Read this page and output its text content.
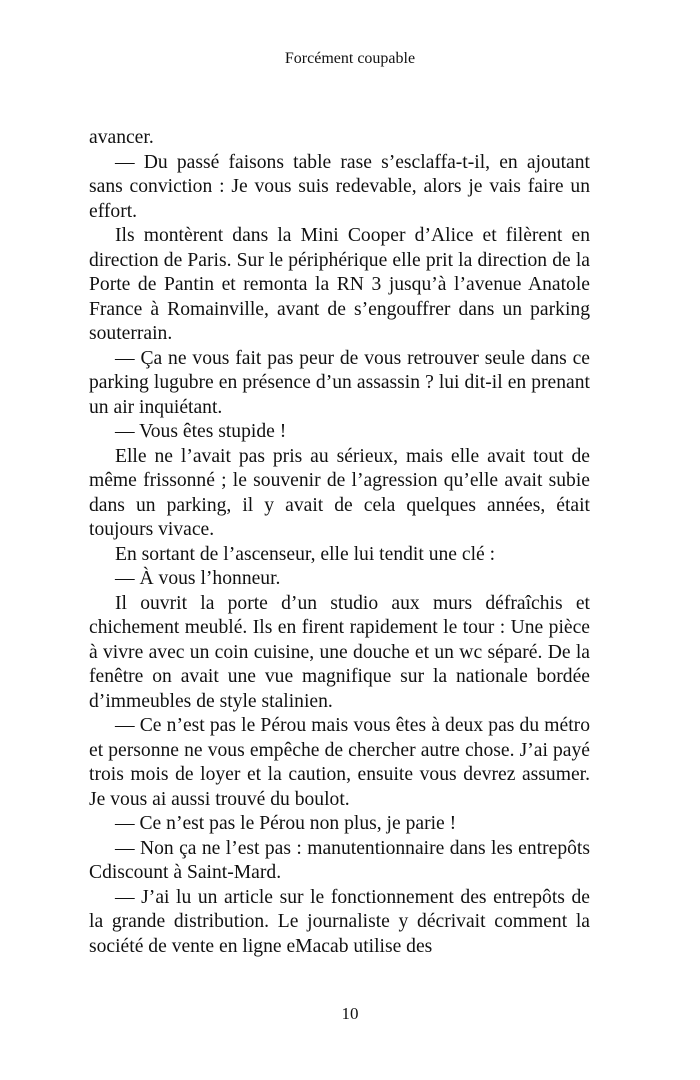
Forcément coupable

avancer.

— Du passé faisons table rase s’esclaffa-t-il, en ajoutant sans conviction : Je vous suis redevable, alors je vais faire un effort.

Ils montèrent dans la Mini Cooper d’Alice et filèrent en direction de Paris. Sur le périphérique elle prit la direction de la Porte de Pantin et remonta la RN 3 jusqu’à l’avenue Anatole France à Romainville, avant de s’engouffrer dans un parking souterrain.

— Ça ne vous fait pas peur de vous retrouver seule dans ce parking lugubre en présence d’un assassin ? lui dit-il en prenant un air inquiétant.

— Vous êtes stupide !

Elle ne l’avait pas pris au sérieux, mais elle avait tout de même frissonné ; le souvenir de l’agression qu’elle avait subie dans un parking, il y avait de cela quelques années, était toujours vivace.

En sortant de l’ascenseur, elle lui tendit une clé :

— À vous l’honneur.

Il ouvrit la porte d’un studio aux murs défraîchis et chichement meublé. Ils en firent rapidement le tour : Une pièce à vivre avec un coin cuisine, une douche et un wc séparé. De la fenêtre on avait une vue magnifique sur la nationale bordée d’immeubles de style stalinien.

— Ce n’est pas le Pérou mais vous êtes à deux pas du métro et personne ne vous empêche de chercher autre chose. J’ai payé trois mois de loyer et la caution, ensuite vous devrez assumer. Je vous ai aussi trouvé du boulot.

— Ce n’est pas le Pérou non plus, je parie !

— Non ça ne l’est pas : manutentionnaire dans les entrepôts Cdiscount à Saint-Mard.

— J’ai lu un article sur le fonctionnement des entrepôts de la grande distribution. Le journaliste y décrivait comment la société de vente en ligne eMacab utilise des

10
